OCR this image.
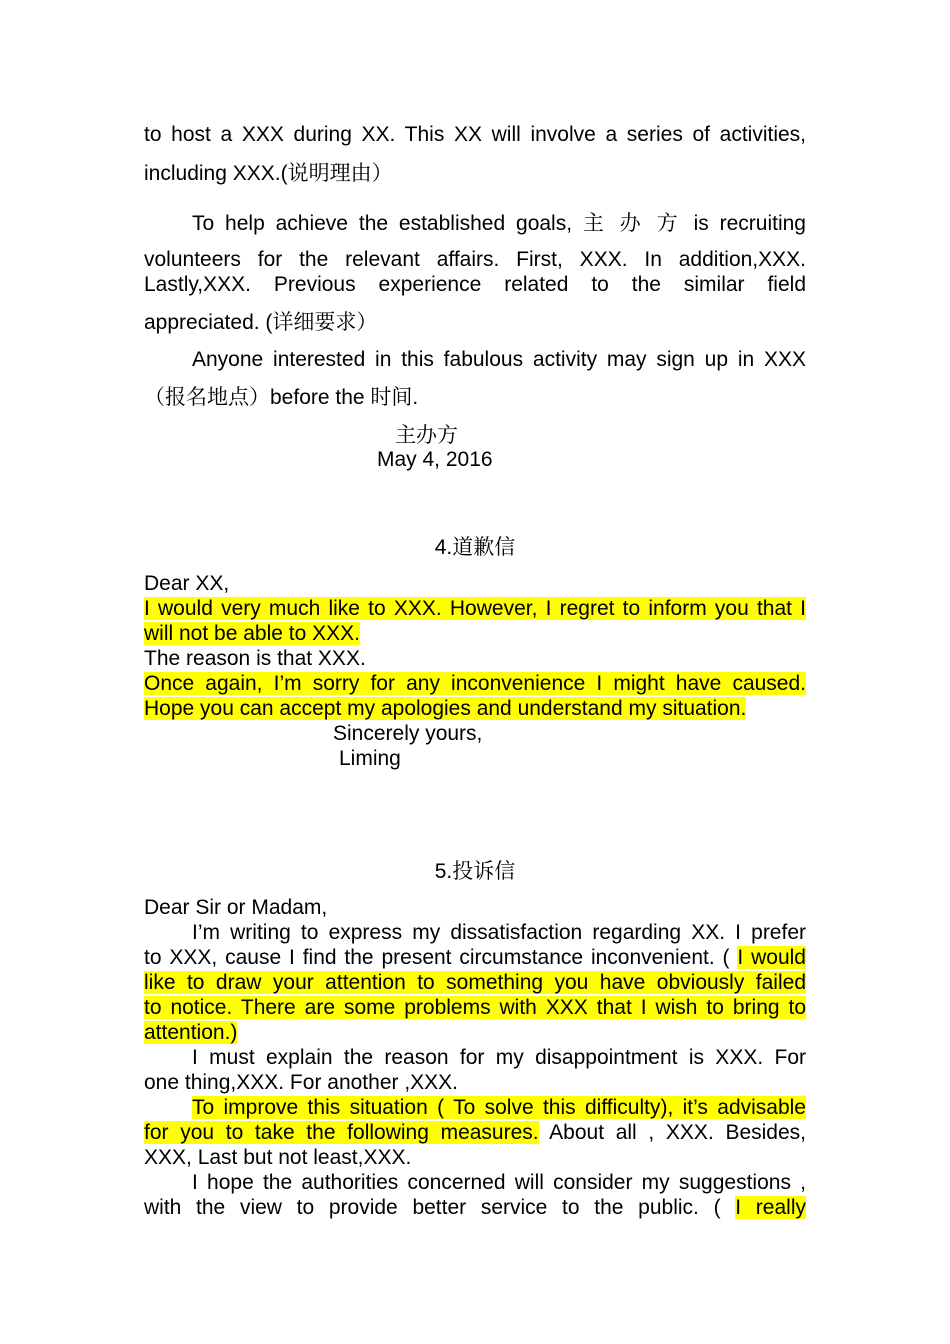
to host a XXX during XX. This XX will involve a series of activities,

including XXX.(说明理由）

To help achieve the established goals, 主 办 方 is recruiting

volunteers for the relevant affairs. First, XXX. In addition,XXX.

Lastly,XXX. Previous experience related to the similar field

appreciated. (详细要求）

Anyone interested in this fabulous activity may sign up in XXX

（报名地点）before the 时间.

主办方

May 4, 2016

4.道歉信

Dear XX,

I would very much like to XXX. However, I regret to inform you that I

will not be able to XXX.

The reason is that XXX.

Once again, I’m sorry for any inconvenience I might have caused.

Hope you can accept my apologies and understand my situation.

Sincerely yours,

Liming

5.投诉信

Dear Sir or Madam,

I’m writing to express my dissatisfaction regarding XX. I prefer

to XXX, cause I find the present circumstance inconvenient. ( I would

like to draw your attention to something you have obviously failed

to notice. There are some problems with XXX that I wish to bring to

attention.)

I must explain the reason for my disappointment is XXX. For

one thing,XXX. For another ,XXX.

To improve this situation ( To solve this difficulty), it’s advisable

for you to take the following measures. About all , XXX. Besides,

XXX, Last but not least,XXX.

I hope the authorities concerned will consider my suggestions ,

with the view to provide better service to the public. ( I really
